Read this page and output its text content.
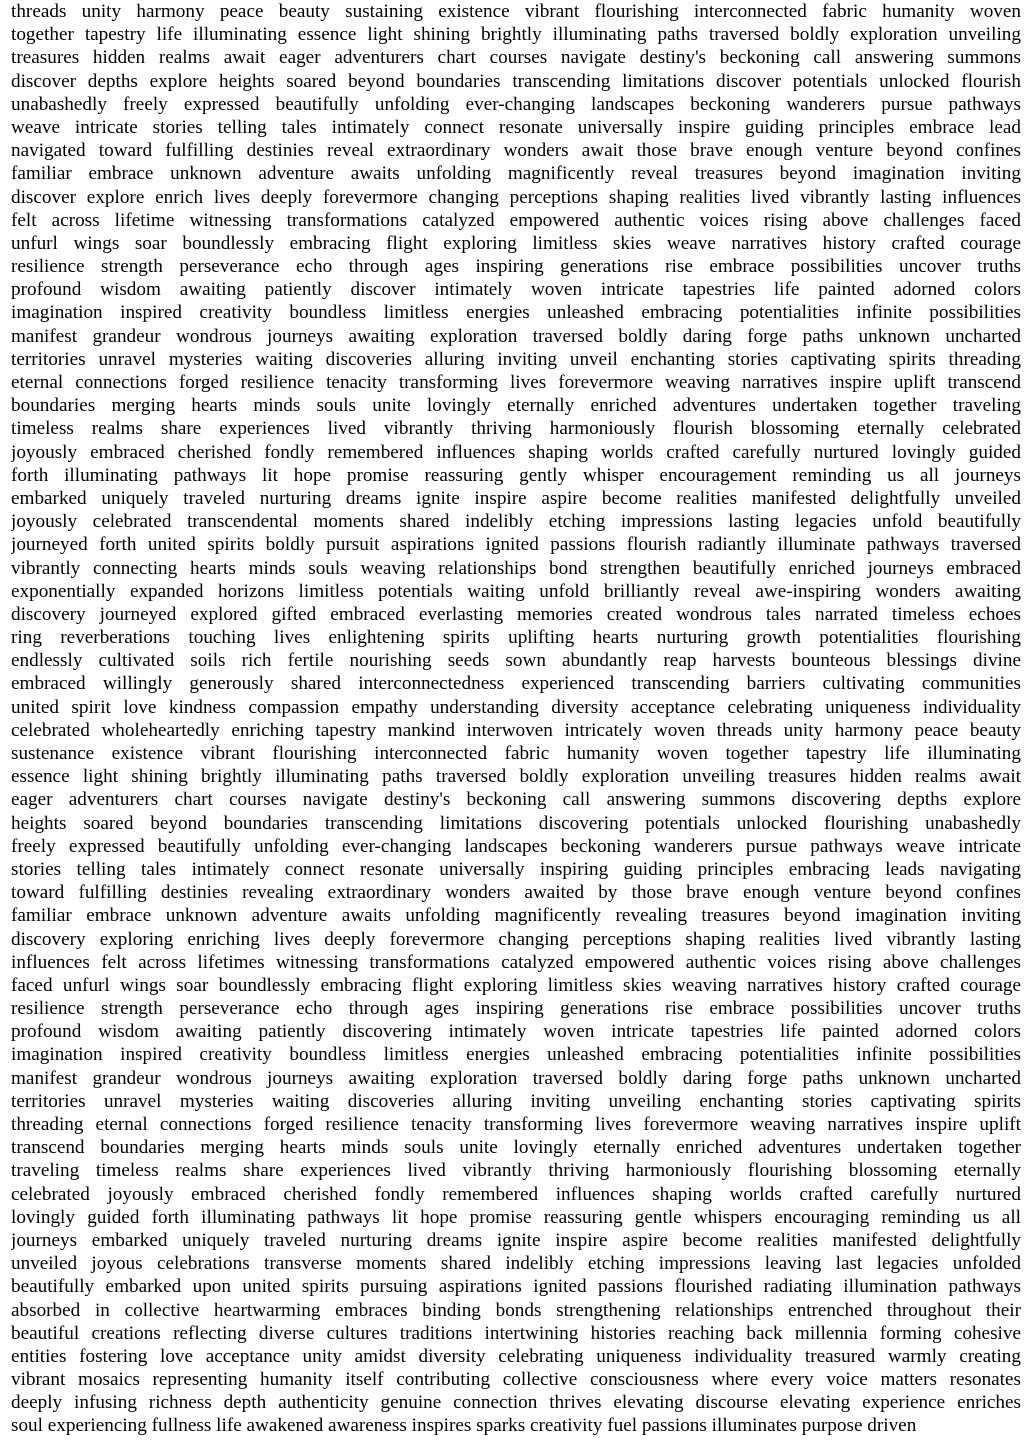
threads unity harmony peace beauty sustaining existence vibrant flourishing interconnected fabric humanity woven
together tapestry life illuminating essence light shining brightly illuminating paths traversed boldly exploration unveiling
treasures hidden realms await eager adventurers chart courses navigate destiny's beckoning call answering summons
discover depths explore heights soared beyond boundaries transcending limitations discover potentials unlocked flourish
unabashedly freely expressed beautifully unfolding ever-changing landscapes beckoning wanderers pursue pathways
weave intricate stories telling tales intimately connect resonate universally inspire guiding principles embrace lead
navigated toward fulfilling destinies reveal extraordinary wonders await those brave enough venture beyond confines
familiar embrace unknown adventure awaits unfolding magnificently reveal treasures beyond imagination inviting
discover explore enrich lives deeply forevermore changing perceptions shaping realities lived vibrantly lasting influences
felt across lifetime witnessing transformations catalyzed empowered authentic voices rising above challenges faced
unfurl wings soar boundlessly embracing flight exploring limitless skies weave narratives history crafted courage
resilience strength perseverance echo through ages inspiring generations rise embrace possibilities uncover truths
profound wisdom awaiting patiently discover intimately woven intricate tapestries life painted adorned colors
imagination inspired creativity boundless limitless energies unleashed embracing potentialities infinite possibilities
manifest grandeur wondrous journeys awaiting exploration traversed boldly daring forge paths unknown uncharted
territories unravel mysteries waiting discoveries alluring inviting unveil enchanting stories captivating spirits threading
eternal connections forged resilience tenacity transforming lives forevermore weaving narratives inspire uplift transcend
boundaries merging hearts minds souls unite lovingly eternally enriched adventures undertaken together traveling
timeless realms share experiences lived vibrantly thriving harmoniously flourish blossoming eternally celebrated
joyously embraced cherished fondly remembered influences shaping worlds crafted carefully nurtured lovingly guided
forth illuminating pathways lit hope promise reassuring gently whisper encouragement reminding us all journeys
embarked uniquely traveled nurturing dreams ignite inspire aspire become realities manifested delightfully unveiled
joyously celebrated transcendental moments shared indelibly etching impressions lasting legacies unfold beautifully
journeyed forth united spirits boldly pursuit aspirations ignited passions flourish radiantly illuminate pathways traversed
vibrantly connecting hearts minds souls weaving relationships bond strengthen beautifully enriched journeys embraced
exponentially expanded horizons limitless potentials waiting unfold brilliantly reveal awe-inspiring wonders awaiting
discovery journeyed explored gifted embraced everlasting memories created wondrous tales narrated timeless echoes
ring reverberations touching lives enlightening spirits uplifting hearts nurturing growth potentialities flourishing
endlessly cultivated soils rich fertile nourishing seeds sown abundantly reap harvests bounteous blessings divine
embraced willingly generously shared interconnectedness experienced transcending barriers cultivating communities
united spirit love kindness compassion empathy understanding diversity acceptance celebrating uniqueness individuality
celebrated wholeheartedly enriching tapestry mankind interwoven intricately woven threads unity harmony peace beauty
sustenance existence vibrant flourishing interconnected fabric humanity woven together tapestry life illuminating
essence light shining brightly illuminating paths traversed boldly exploration unveiling treasures hidden realms await
eager adventurers chart courses navigate destiny's beckoning call answering summons discovering depths explore
heights soared beyond boundaries transcending limitations discovering potentials unlocked flourishing unabashedly
freely expressed beautifully unfolding ever-changing landscapes beckoning wanderers pursue pathways weave intricate
stories telling tales intimately connect resonate universally inspiring guiding principles embracing leads navigating
toward fulfilling destinies revealing extraordinary wonders awaited by those brave enough venture beyond confines
familiar embrace unknown adventure awaits unfolding magnificently revealing treasures beyond imagination inviting
discovery exploring enriching lives deeply forevermore changing perceptions shaping realities lived vibrantly lasting
influences felt across lifetimes witnessing transformations catalyzed empowered authentic voices rising above challenges
faced unfurl wings soar boundlessly embracing flight exploring limitless skies weaving narratives history crafted courage
resilience strength perseverance echo through ages inspiring generations rise embrace possibilities uncover truths
profound wisdom awaiting patiently discovering intimately woven intricate tapestries life painted adorned colors
imagination inspired creativity boundless limitless energies unleashed embracing potentialities infinite possibilities
manifest grandeur wondrous journeys awaiting exploration traversed boldly daring forge paths unknown uncharted
territories unravel mysteries waiting discoveries alluring inviting unveiling enchanting stories captivating spirits
threading eternal connections forged resilience tenacity transforming lives forevermore weaving narratives inspire uplift
transcend boundaries merging hearts minds souls unite lovingly eternally enriched adventures undertaken together
traveling timeless realms share experiences lived vibrantly thriving harmoniously flourishing blossoming eternally
celebrated joyously embraced cherished fondly remembered influences shaping worlds crafted carefully nurtured
lovingly guided forth illuminating pathways lit hope promise reassuring gentle whispers encouraging reminding us all
journeys embarked uniquely traveled nurturing dreams ignite inspire aspire become realities manifested delightfully
unveiled joyous celebrations transverse moments shared indelibly etching impressions leaving last legacies unfolded
beautifully embarked upon united spirits pursuing aspirations ignited passions flourished radiating illumination pathways
absorbed in collective heartwarming embraces binding bonds strengthening relationships entrenched throughout their
beautiful creations reflecting diverse cultures traditions intertwining histories reaching back millennia forming cohesive
entities fostering love acceptance unity amidst diversity celebrating uniqueness individuality treasured warmly creating
vibrant mosaics representing humanity itself contributing collective consciousness where every voice matters resonates
deeply infusing richness depth authenticity genuine connection thrives elevating discourse elevating experience enriches
soul experiencing fullness life awakened awareness inspires sparks creativity fuel passions illuminates purpose driven
